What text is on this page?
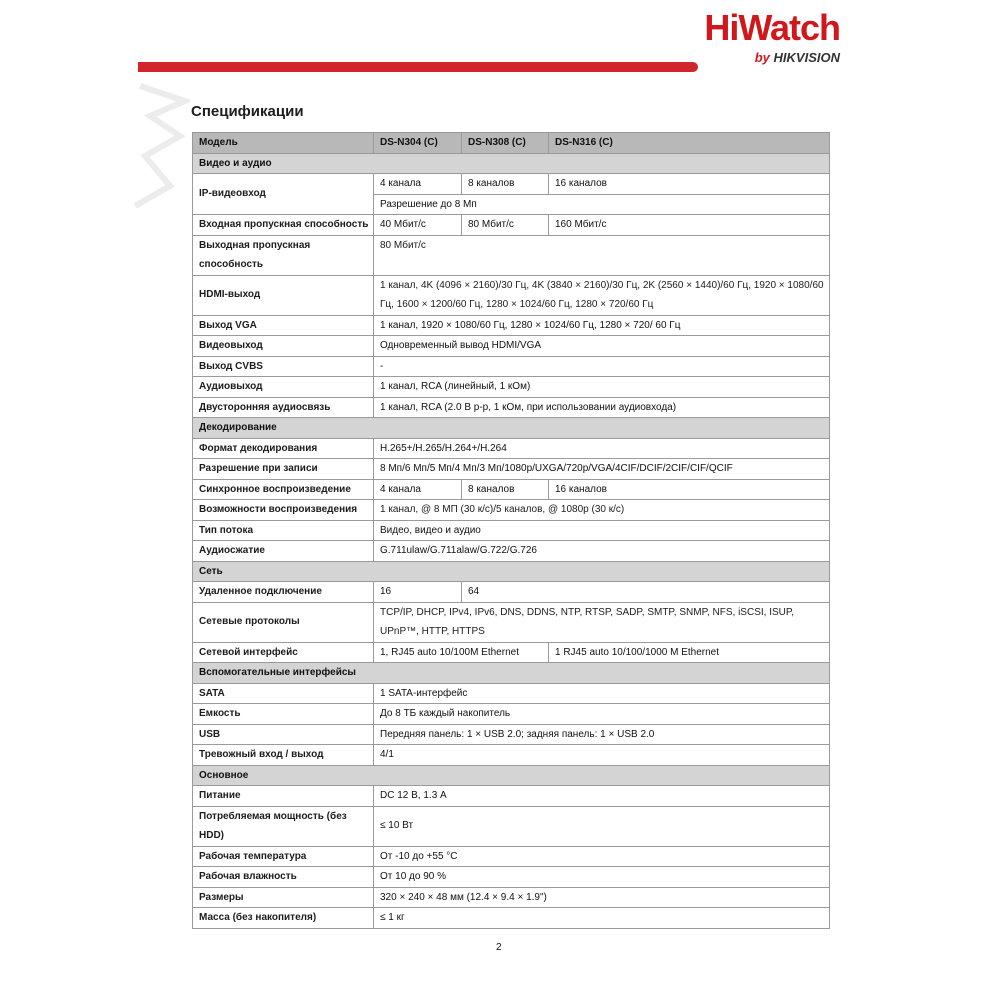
HiWatch
by HIKVISION
Спецификации
Модель	DS-N304 (C)	DS-N308 (C)	DS-N316 (C)
Видео и аудио			
IP-видеовход	4 канала	8 каналов	16 каналов
	Разрешение до 8 Мп		
Входная пропускная способность	40 Мбит/с	80 Мбит/с	160 Мбит/с
Выходная пропускная способность	80 Мбит/с		
HDMI-выход	1 канал, 4K (4096 × 2160)/30 Гц, 4K (3840 × 2160)/30 Гц, 2K (2560 × 1440)/60 Гц, 1920 × 1080/60 Гц, 1600 × 1200/60 Гц, 1280 × 1024/60 Гц, 1280 × 720/60 Гц		
Выход VGA	1 канал, 1920 × 1080/60 Гц, 1280 × 1024/60 Гц, 1280 × 720/ 60 Гц		
Видеовыход	Одновременный вывод HDMI/VGA		
Выход CVBS	-		
Аудиовыход	1 канал, RCA (линейный, 1 кОм)		
Двусторонняя аудиосвязь	1 канал, RCA (2.0 В р-р, 1 кОм, при использовании аудиовхода)		
Декодирование			
Формат декодирования	H.265+/H.265/H.264+/H.264		
Разрешение при записи	8 Мп/6 Мп/5 Мп/4 Мп/3 Мп/1080p/UXGA/720p/VGA/4CIF/DCIF/2CIF/CIF/QCIF		
Синхронное воспроизведение	4 канала	8 каналов	16 каналов
Возможности воспроизведения	1 канал, @ 8 МП (30 к/с)/5 каналов, @ 1080p (30 к/с)		
Тип потока	Видео, видео и аудио		
Аудиосжатие	G.711ulaw/G.711alaw/G.722/G.726		
Сеть			
Удаленное подключение	16	64	
Сетевые протоколы	TCP/IP, DHCP, IPv4, IPv6, DNS, DDNS, NTP, RTSP, SADP, SMTP, SNMP, NFS, iSCSI, ISUP, UPnP™, HTTP, HTTPS		
Сетевой интерфейс	1, RJ45 auto 10/100M Ethernet		1 RJ45 auto 10/100/1000 M Ethernet
Вспомогательные интерфейсы			
SATA	1 SATA-интерфейс		
Емкость	До 8 ТБ каждый накопитель		
USB	Передняя панель: 1 × USB 2.0; задняя панель: 1 × USB 2.0		
Тревожный вход / выход	4/1		
Основное			
Питание	DC 12 В, 1.3 А		
Потребляемая мощность (без HDD)	≤ 10 Вт		
Рабочая температура	От -10 до +55 °С		
Рабочая влажность	От 10 до 90 %		
Размеры	320 × 240 × 48 мм (12.4 × 9.4 × 1.9")		
Масса (без накопителя)	≤ 1 кг		
2
